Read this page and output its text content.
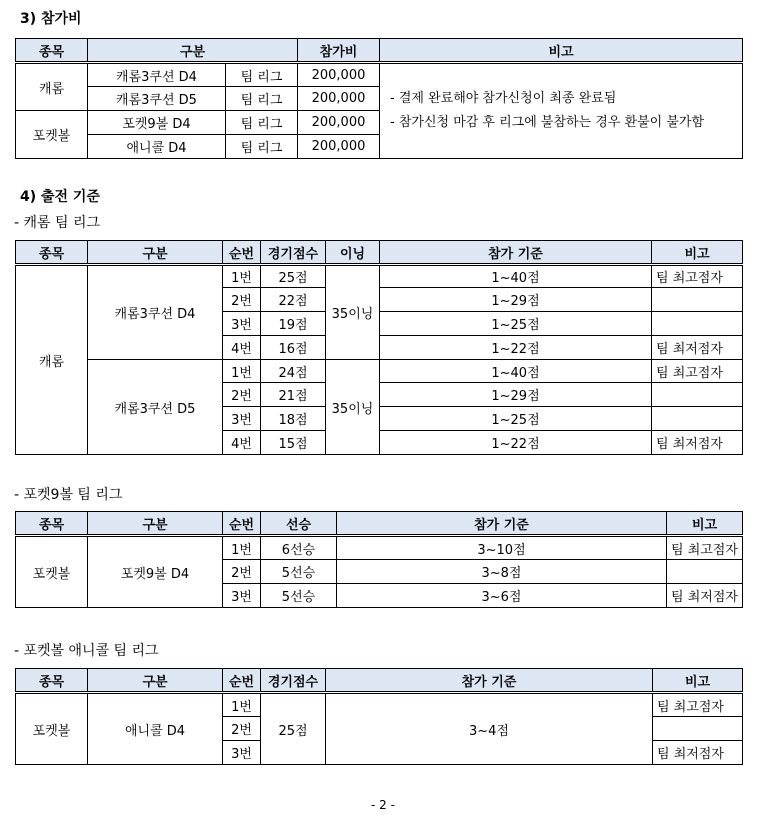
3) 참가비
종목	구분		참가비	비고
캐롬	캐롬3쿠션 D4	팀 리그	200,000	- 결제 완료해야 참가신청이 최종 완료됨
- 참가신청 마감 후 리그에 불참하는 경우 환불이 불가함

	캐롬3쿠션 D5	팀 리그	200,000	
포켓볼	포켓9볼 D4	팀 리그	200,000	
	애니콜 D4	팀 리그	200,000	
4) 출전 기준
- 캐롬 팀 리그
종목	구분	순번	경기점수	이닝	참가 기준	비고
캐롬	캐롬3쿠션 D4	1번	25점	35이닝	1~40점	팀 최고점자
		2번	22점		1~29점	
		3번	19점		1~25점	
		4번	16점		1~22점	팀 최저점자
	캐롬3쿠션 D5	1번	24점	35이닝	1~40점	팀 최고점자
		2번	21점		1~29점	
		3번	18점		1~25점	
		4번	15점		1~22점	팀 최저점자
- 포켓9볼 팀 리그
종목	구분	순번	선승	참가 기준	비고
포켓볼	포켓9볼 D4	1번	6선승	3~10점	팀 최고점자
		2번	5선승	3~8점	
		3번	5선승	3~6점	팀 최저점자
- 포켓볼 애니콜 팀 리그
종목	구분	순번	경기점수	참가 기준	비고
포켓볼	애니콜 D4	1번	25점	3~4점	팀 최고점자
		2번			
		3번			팀 최저점자
- 2 -
